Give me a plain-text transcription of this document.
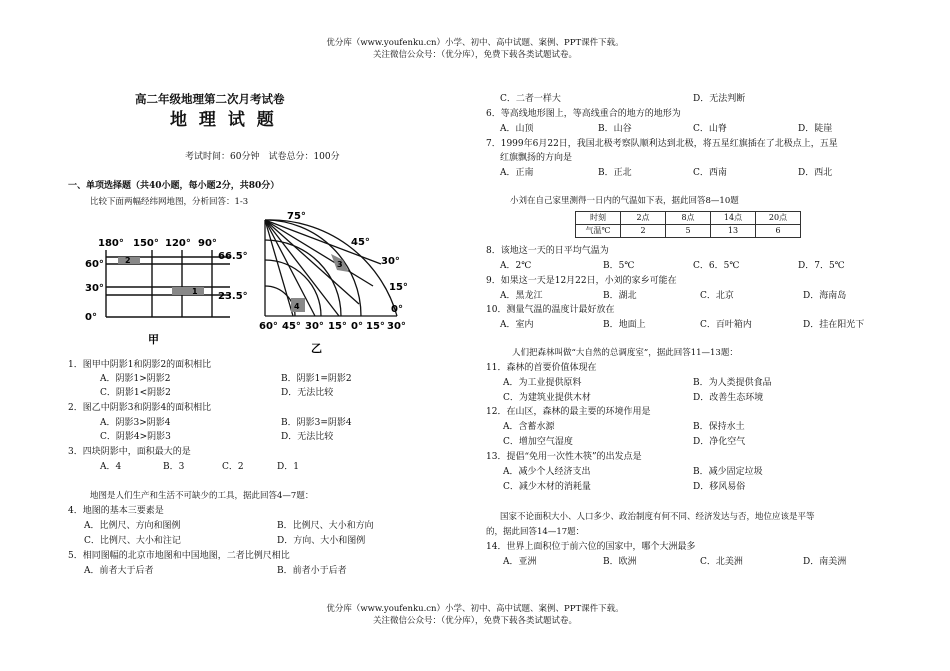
优分库（www.youfenku.cn）小学、初中、高中试题、案例、PPT课件下载。
关注微信公众号：（优分库），免费下载各类试题试卷。
高二年级地理第二次月考试卷
地 理 试 题
考试时间：60分钟　试卷总分：100分
一、单项选择题（共40小题，每小题2分，共80分）
比较下面两幅经纬网地图，分析回答：1-3
2
1
180° 150° 120° 90°
60°
30°
0°
66.5°
23.5°
甲
3
4
75°
45°
30°
15°
0°
60° 45° 30° 15° 0° 15° 30°
乙
1．图甲中阴影1和阴影2的面积相比
A．阴影1>阴影2	B．阴影1=阴影2
C．阴影1<阴影2	D．无法比较
2．图乙中阴影3和阴影4的面积相比
A．阴影3>阴影4	B．阴影3=阴影4
C．阴影4>阴影3	D．无法比较
3．四块阴影中，面积最大的是
A．4	B．3	C．2	D．1
地图是人们生产和生活不可缺少的工具，据此回答4—7题：
4．地图的基本三要素是
A．比例尺、方向和图例	B．比例尺、大小和方向
C．比例尺、大小和注记	D．方向、大小和图例
5．相同图幅的北京市地图和中国地图，二者比例尺相比
A．前者大于后者	B．前者小于后者
C．二者一样大	D．无法判断
6．等高线地形图上，等高线重合的地方的地形为
A．山顶	B．山谷	C．山脊	D．陡崖
7．1999年6月22日，我国北极考察队顺利达到北极，将五星红旗插在了北极点上，五星
红旗飘扬的方向是
A．正南	B．正北	C．西南	D．西北
小刘在自己家里测得一日内的气温如下表，据此回答8—10题
时刻	2点	8点	14点	20点
气温℃	2	5	13	6
8．该地这一天的日平均气温为
A．2℃	B．5℃	C．6．5℃	D．7．5℃
9．如果这一天是12月22日，小刘的家乡可能在
A．黑龙江	B．湖北	C．北京	D．海南岛
10．测量气温的温度计最好放在
A．室内	B．地面上	C．百叶箱内	D．挂在阳光下
人们把森林叫做“大自然的总调度室”，据此回答11—13题：
11．森林的首要价值体现在
A．为工业提供原料	B．为人类提供食品
C．为建筑业提供木材	D．改善生态环境
12．在山区，森林的最主要的环境作用是
A．含蓄水源	B．保持水土
C．增加空气湿度	D．净化空气
13．提倡“免用一次性木筷”的出发点是
A．减少个人经济支出	B．减少固定垃圾
C．减少木材的消耗量	D．移风易俗
国家不论面积大小、人口多少、政治制度有何不同、经济发达与否，地位应该是平等
的，据此回答14—17题：
14．世界上面积位于前六位的国家中，哪个大洲最多
A．亚洲	B．欧洲	C．北美洲	D．南美洲
优分库（www.youfenku.cn）小学、初中、高中试题、案例、PPT课件下载。
关注微信公众号：（优分库），免费下载各类试题试卷。
